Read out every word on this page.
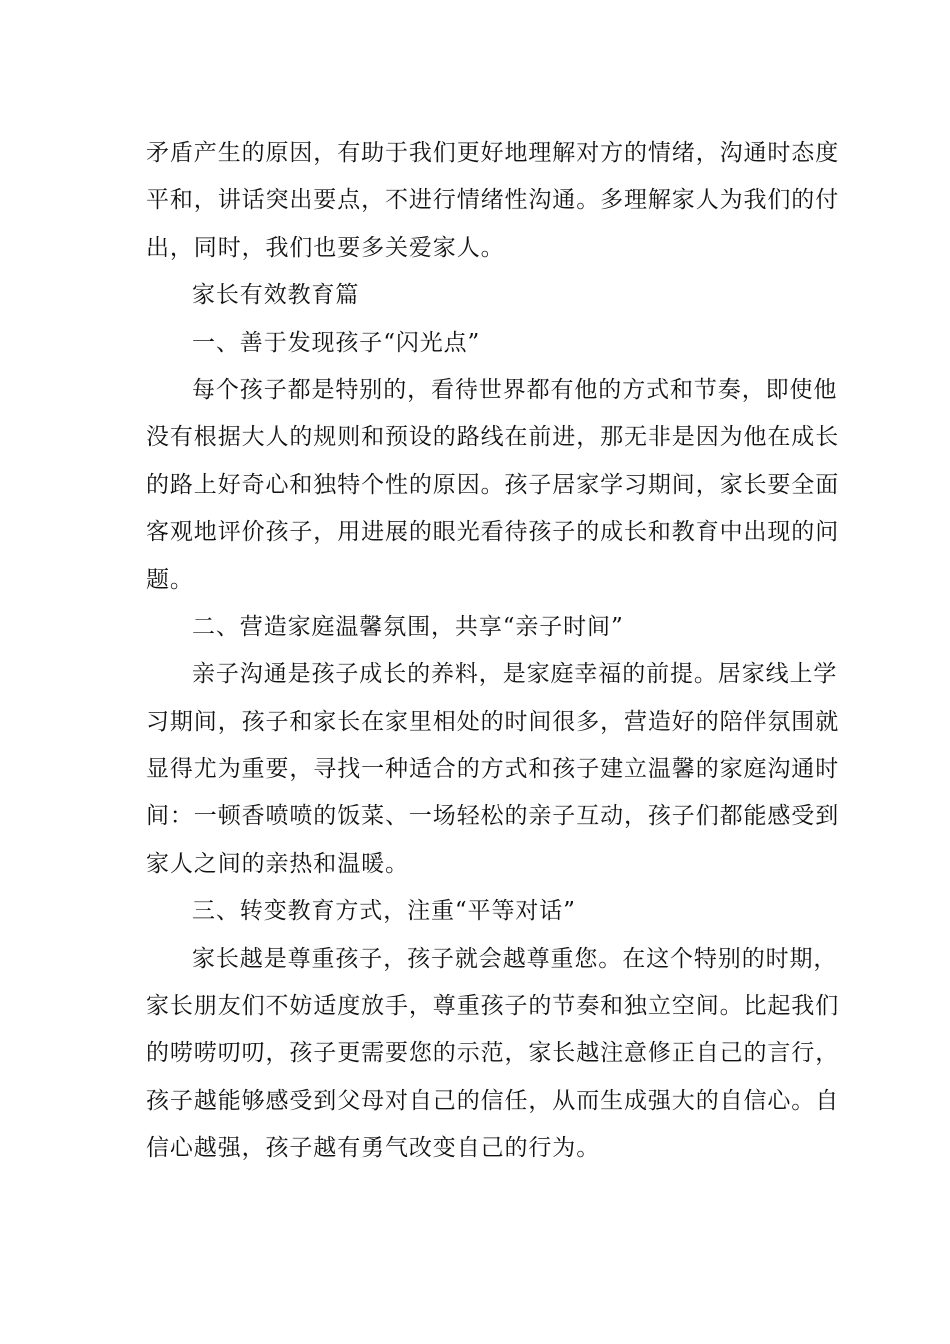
矛盾产生的原因，有助于我们更好地理解对方的情绪，沟通时态度
平和，讲话突出要点，不进行情绪性沟通。多理解家人为我们的付
出，同时，我们也要多关爱家人。
家长有效教育篇
一、善于发现孩子“闪光点”
每个孩子都是特别的，看待世界都有他的方式和节奏，即使他
没有根据大人的规则和预设的路线在前进，那无非是因为他在成长
的路上好奇心和独特个性的原因。孩子居家学习期间，家长要全面
客观地评价孩子，用进展的眼光看待孩子的成长和教育中出现的问
题。
二、营造家庭温馨氛围，共享“亲子时间”
亲子沟通是孩子成长的养料，是家庭幸福的前提。居家线上学
习期间，孩子和家长在家里相处的时间很多，营造好的陪伴氛围就
显得尤为重要，寻找一种适合的方式和孩子建立温馨的家庭沟通时
间：一顿香喷喷的饭菜、一场轻松的亲子互动，孩子们都能感受到
家人之间的亲热和温暖。
三、转变教育方式，注重“平等对话”
家长越是尊重孩子，孩子就会越尊重您。在这个特别的时期，
家长朋友们不妨适度放手，尊重孩子的节奏和独立空间。比起我们
的唠唠叨叨，孩子更需要您的示范，家长越注意修正自己的言行，
孩子越能够感受到父母对自己的信任，从而生成强大的自信心。自
信心越强，孩子越有勇气改变自己的行为。
